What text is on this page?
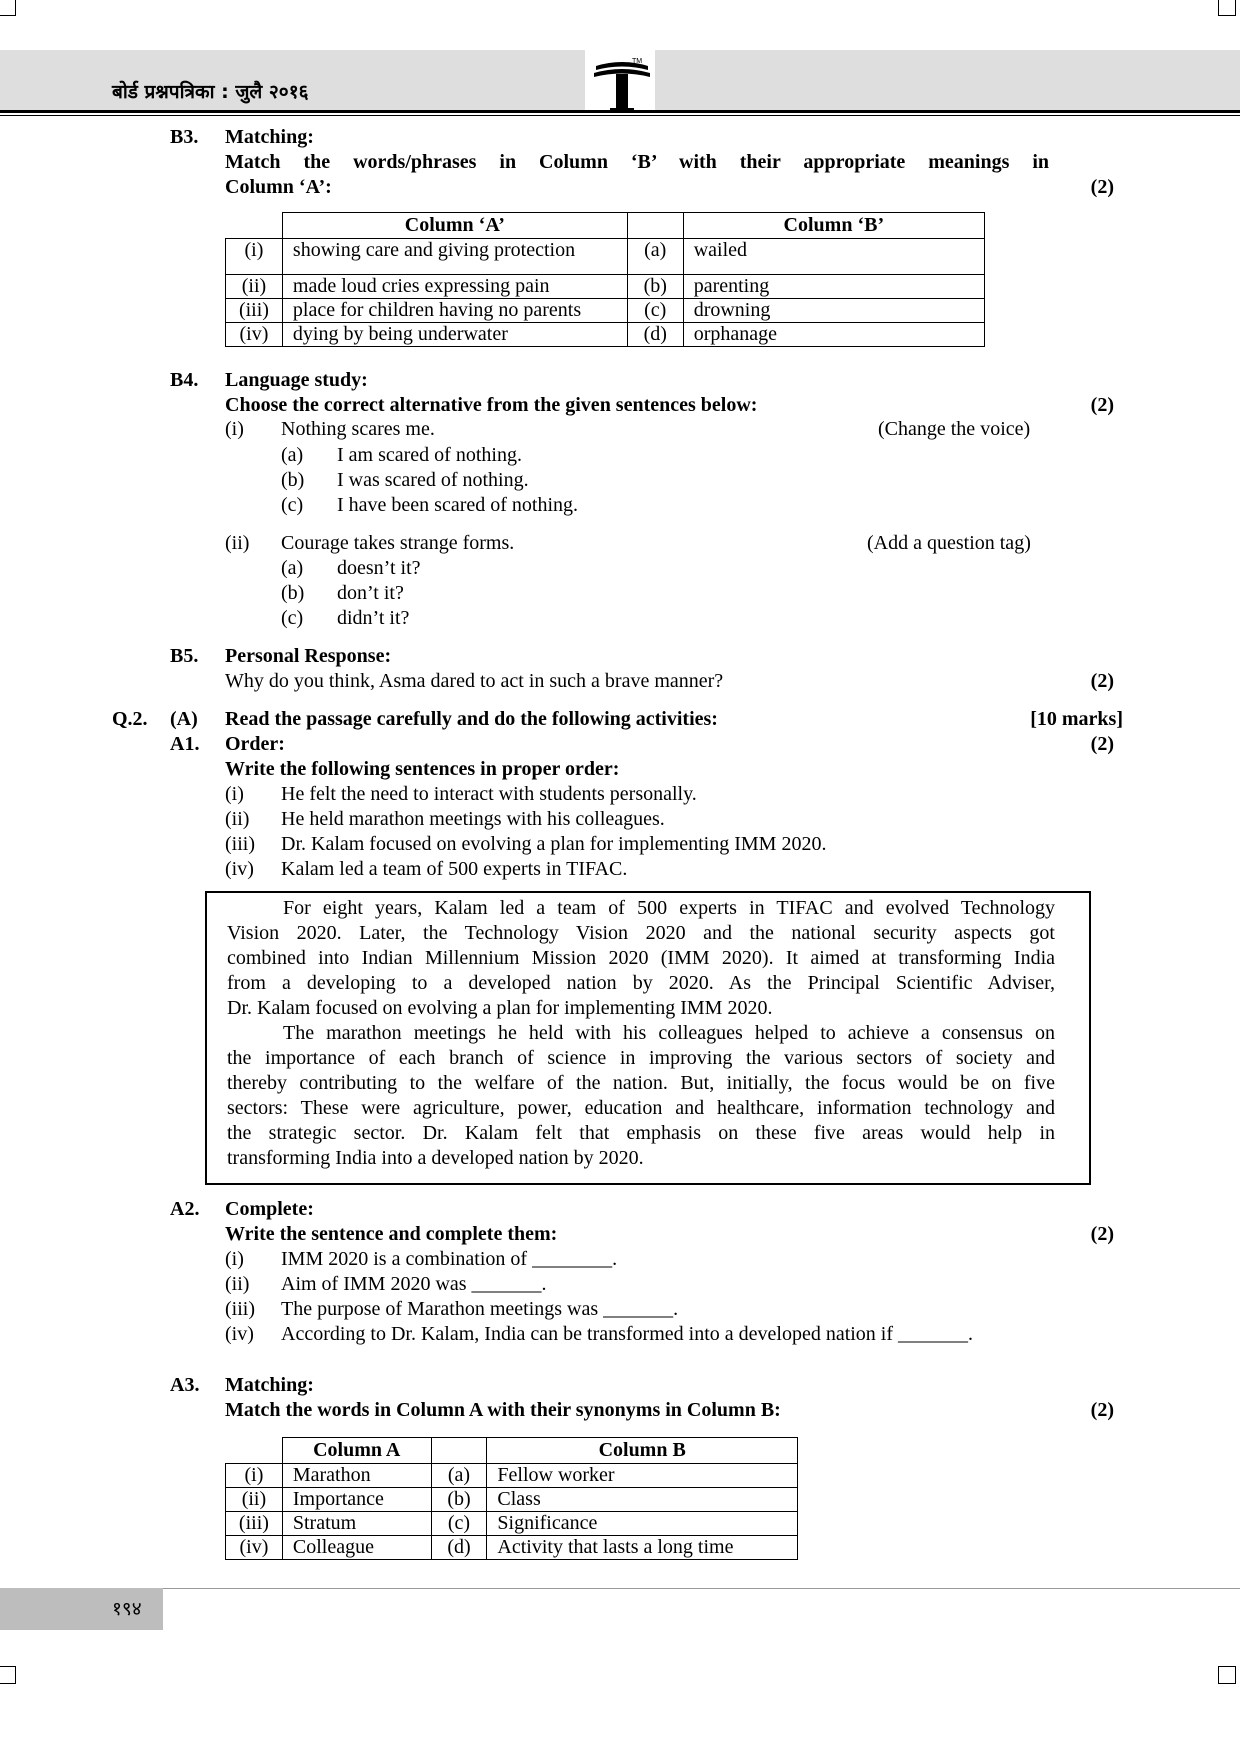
बोर्ड प्रश्नपत्रिका : जुलै २०१६
TM
B3. Matching:
Match the words/phrases in Column ‘B’ with their appropriate meanings in
Column ‘A’:	(2)
	Column ‘A’		Column ‘B’
(i)	showing care and giving protection	(a)	wailed
(ii)	made loud cries expressing pain	(b)	parenting
(iii)	place for children having no parents	(c)	drowning
(iv)	dying by being underwater	(d)	orphanage
B4. Language study:
Choose the correct alternative from the given sentences below:	(2)
(i) Nothing scares me.	(Change the voice)
(a) I am scared of nothing.
(b) I was scared of nothing.
(c) I have been scared of nothing.
(ii) Courage takes strange forms.	(Add a question tag)
(a) doesn’t it?
(b) don’t it?
(c) didn’t it?
B5. Personal Response:
Why do you think, Asma dared to act in such a brave manner?	(2)
Q.2. (A) Read the passage carefully and do the following activities:	[10 marks]
A1. Order:	(2)
Write the following sentences in proper order:
(i) He felt the need to interact with students personally.
(ii) He held marathon meetings with his colleagues.
(iii) Dr. Kalam focused on evolving a plan for implementing IMM 2020.
(iv) Kalam led a team of 500 experts in TIFAC.
For eight years, Kalam led a team of 500 experts in TIFAC and evolved Technology
Vision 2020. Later, the Technology Vision 2020 and the national security aspects got
combined into Indian Millennium Mission 2020 (IMM 2020). It aimed at transforming India
from a developing to a developed nation by 2020. As the Principal Scientific Adviser,
Dr. Kalam focused on evolving a plan for implementing IMM 2020.
The marathon meetings he held with his colleagues helped to achieve a consensus on
the importance of each branch of science in improving the various sectors of society and
thereby contributing to the welfare of the nation. But, initially, the focus would be on five
sectors: These were agriculture, power, education and healthcare, information technology and
the strategic sector. Dr. Kalam felt that emphasis on these five areas would help in
transforming India into a developed nation by 2020.
A2. Complete:
Write the sentence and complete them:	(2)
(i) IMM 2020 is a combination of ________.
(ii) Aim of IMM 2020 was _______.
(iii) The purpose of Marathon meetings was _______.
(iv) According to Dr. Kalam, India can be transformed into a developed nation if _______.
A3. Matching:
Match the words in Column A with their synonyms in Column B:	(2)
	Column A		Column B
(i)	Marathon	(a)	Fellow worker
(ii)	Importance	(b)	Class
(iii)	Stratum	(c)	Significance
(iv)	Colleague	(d)	Activity that lasts a long time
१९४
